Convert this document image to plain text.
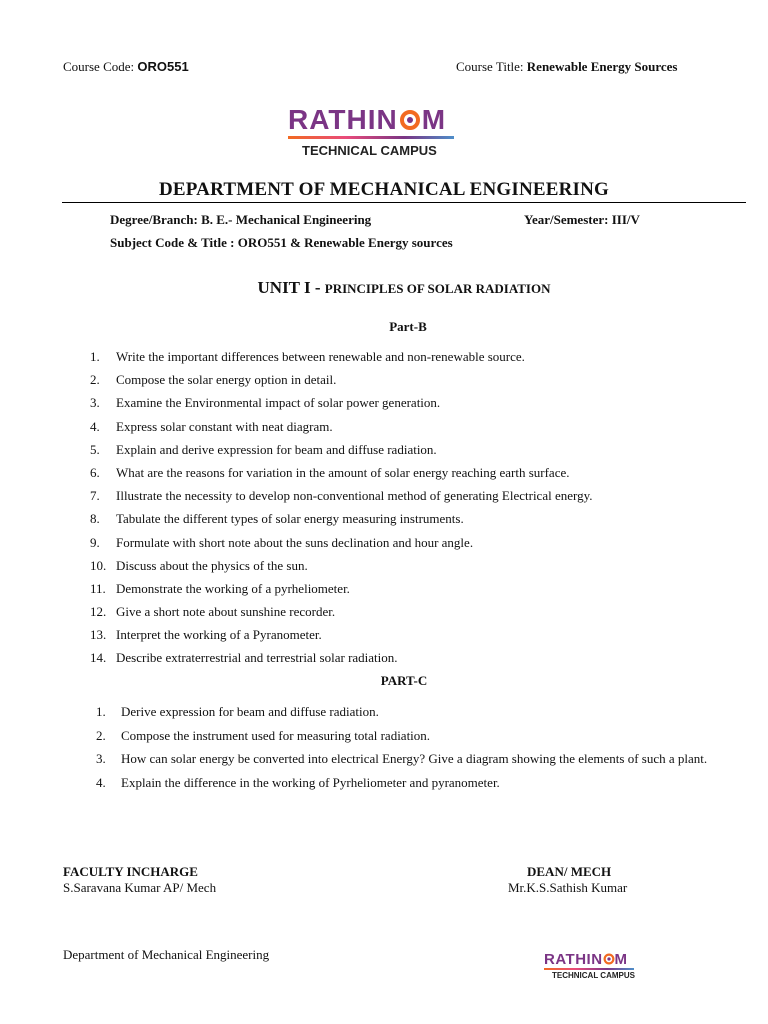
Course Code: ORO551	Course Title: Renewable Energy Sources
RATHIN M
TECHNICAL CAMPUS
DEPARTMENT OF MECHANICAL ENGINEERING
Degree/Branch: B. E.- Mechanical Engineering	Year/Semester: III/V
Subject Code & Title : ORO551 & Renewable Energy sources
UNIT I - PRINCIPLES OF SOLAR RADIATION
Part-B
1. Write the important differences between renewable and non-renewable source.
2. Compose the solar energy option in detail.
3. Examine the Environmental impact of solar power generation.
4. Express solar constant with neat diagram.
5. Explain and derive expression for beam and diffuse radiation.
6. What are the reasons for variation in the amount of solar energy reaching earth surface.
7. Illustrate the necessity to develop non-conventional method of generating Electrical energy.
8. Tabulate the different types of solar energy measuring instruments.
9. Formulate with short note about the suns declination and hour angle.
10. Discuss about the physics of the sun.
11. Demonstrate the working of a pyrheliometer.
12. Give a short note about sunshine recorder.
13. Interpret the working of a Pyranometer.
14. Describe extraterrestrial and terrestrial solar radiation.
PART-C
1. Derive expression for beam and diffuse radiation.
2. Compose the instrument used for measuring total radiation.
3. How can solar energy be converted into electrical Energy? Give a diagram showing the elements of such a plant.
4. Explain the difference in the working of Pyrheliometer and pyranometer.
FACULTY INCHARGE
S.Saravana Kumar AP/ Mech
DEAN/ MECH
Mr.K.S.Sathish Kumar
Department of Mechanical Engineering	RATHIN M
TECHNICAL CAMPUS
